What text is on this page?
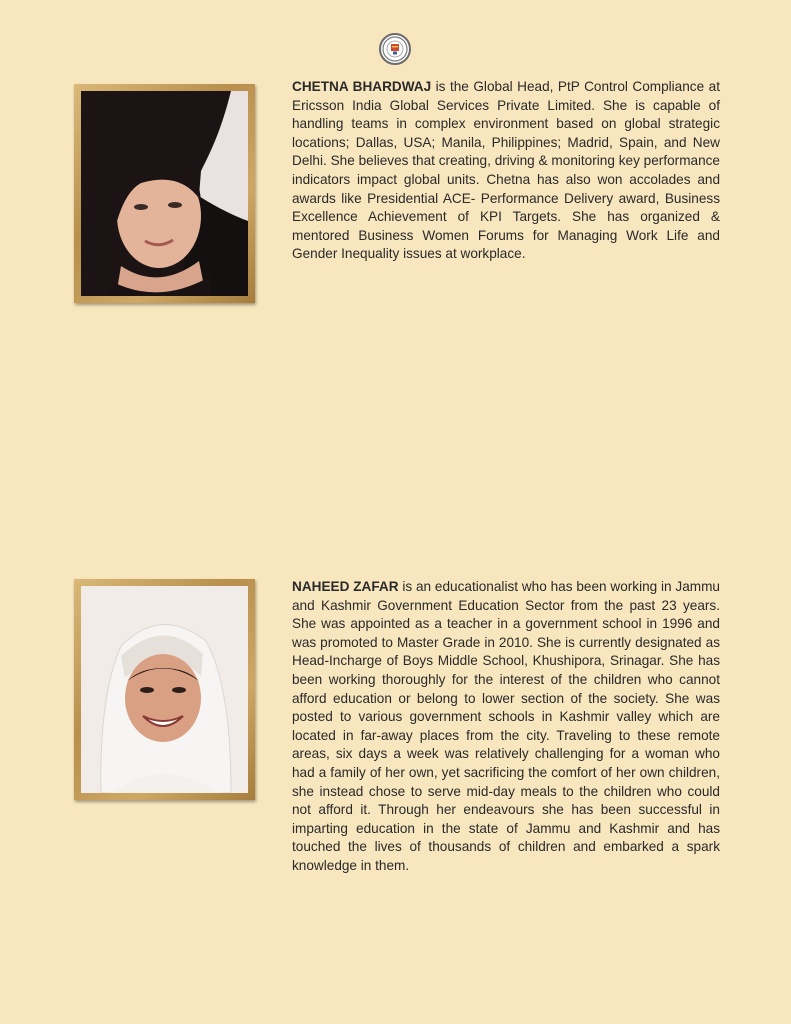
CHETNA BHARDWAJ is the Global Head, PtP Control Compliance at Ericsson India Global Services Private Limited. She is capable of handling teams in complex environment based on global strategic locations; Dallas, USA; Manila, Philippines; Madrid, Spain, and New Delhi. She believes that creating, driving & monitoring key performance indicators impact global units. Chetna has also won accolades and awards like Presidential ACE- Performance Delivery award, Business Excellence Achievement of KPI Targets. She has organized & mentored Business Women Forums for Managing Work Life and Gender Inequality issues at workplace.

NAHEED ZAFAR is an educationalist who has been working in Jammu and Kashmir Government Education Sector from the past 23 years. She was appointed as a teacher in a government school in 1996 and was promoted to Master Grade in 2010. She is currently designated as Head-Incharge of Boys Middle School, Khushipora, Srinagar. She has been working thoroughly for the interest of the children who cannot afford education or belong to lower section of the society. She was posted to various government schools in Kashmir valley which are located in far-away places from the city. Traveling to these remote areas, six days a week was relatively challenging for a woman who had a family of her own, yet sacrificing the comfort of her own children, she instead chose to serve mid-day meals to the children who could not afford it. Through her endeavours she has been successful in imparting education in the state of Jammu and Kashmir and has touched the lives of thousands of children and embarked a spark knowledge in them.
